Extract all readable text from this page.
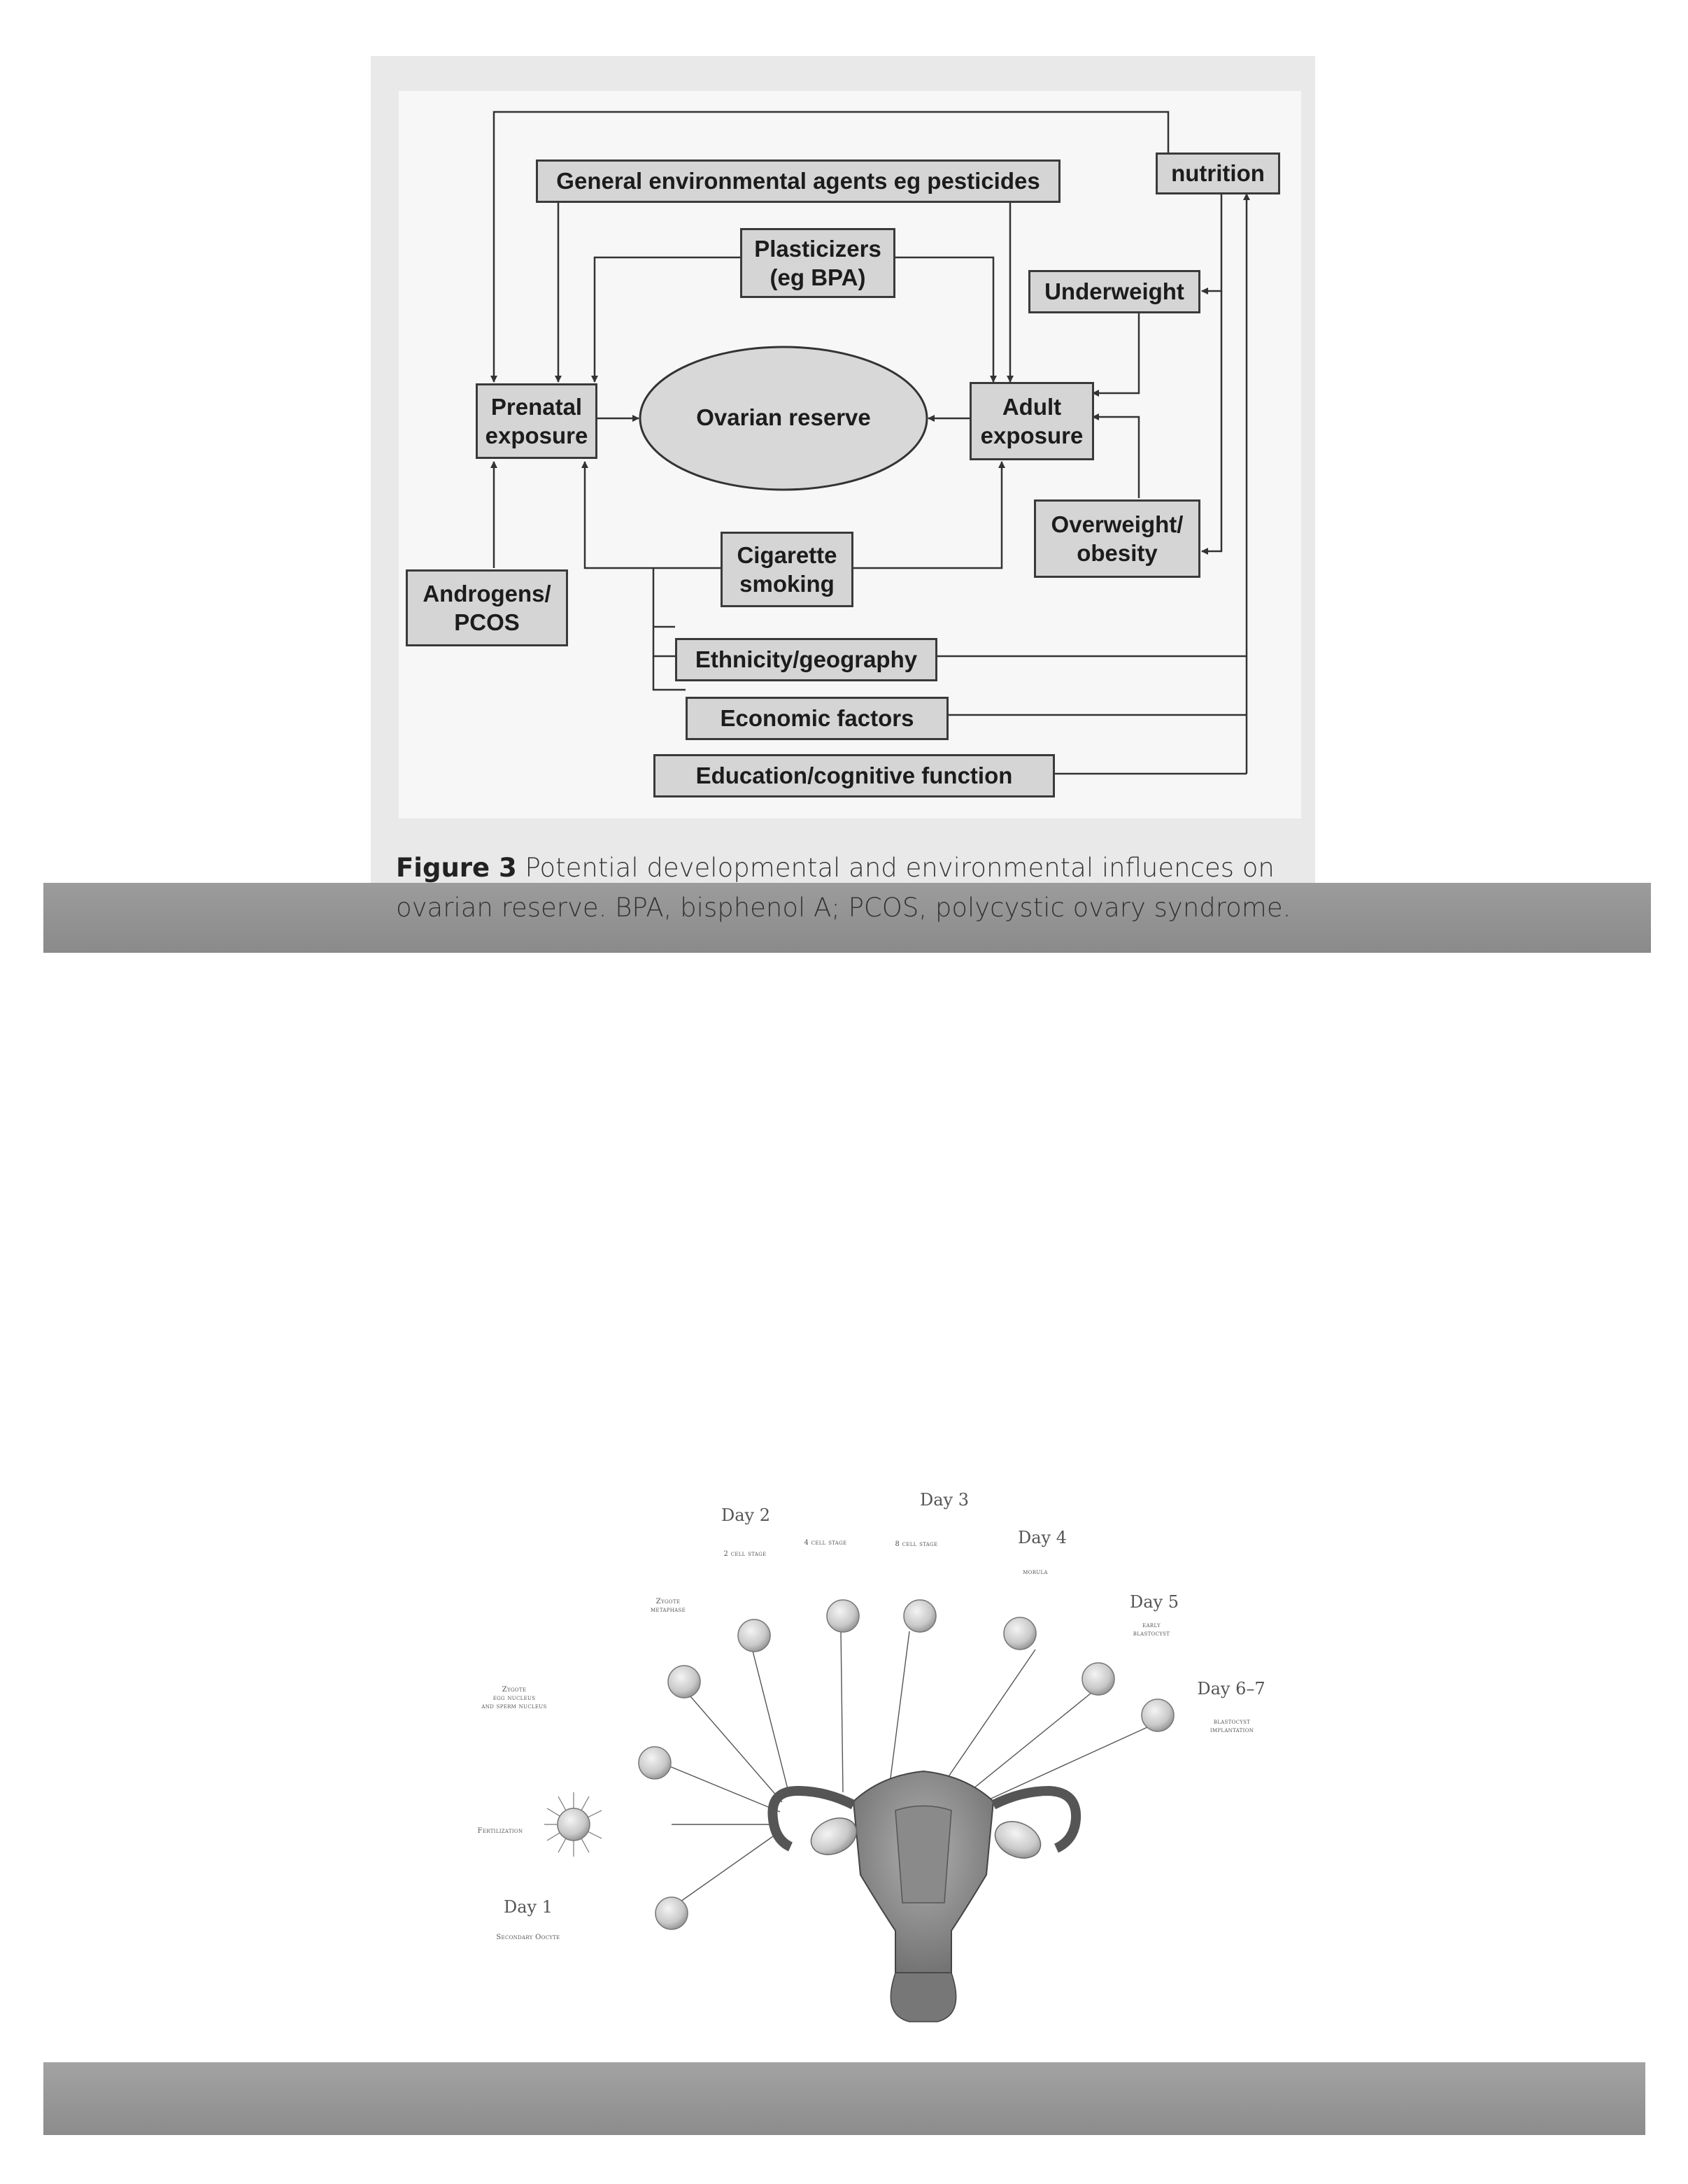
General environmental agents eg pesticides	nutrition
Plasticizers
(eg BPA)
Underweight
Prenatal
exposure
Ovarian reserve	Adult
exposure
Overweight/
obesity
Cigarette
smoking
Androgens/
PCOS
Ethnicity/geography
Economic factors
Education/cognitive function
Figure 3 Potential developmental and environmental influences on ovarian reserve. BPA, bisphenol A; PCOS, polycystic ovary syndrome.
Day 1
Secondary Oocyte
Fertilization
Zygote
egg nucleus
and sperm nucleus
Zygote
metaphase
Day 2
2 cell stage
4 cell stage
Day 3
8 cell stage	Day 4
morula
Day 5
early
blastocyst
Day 6–7
blastocyst
implantation
